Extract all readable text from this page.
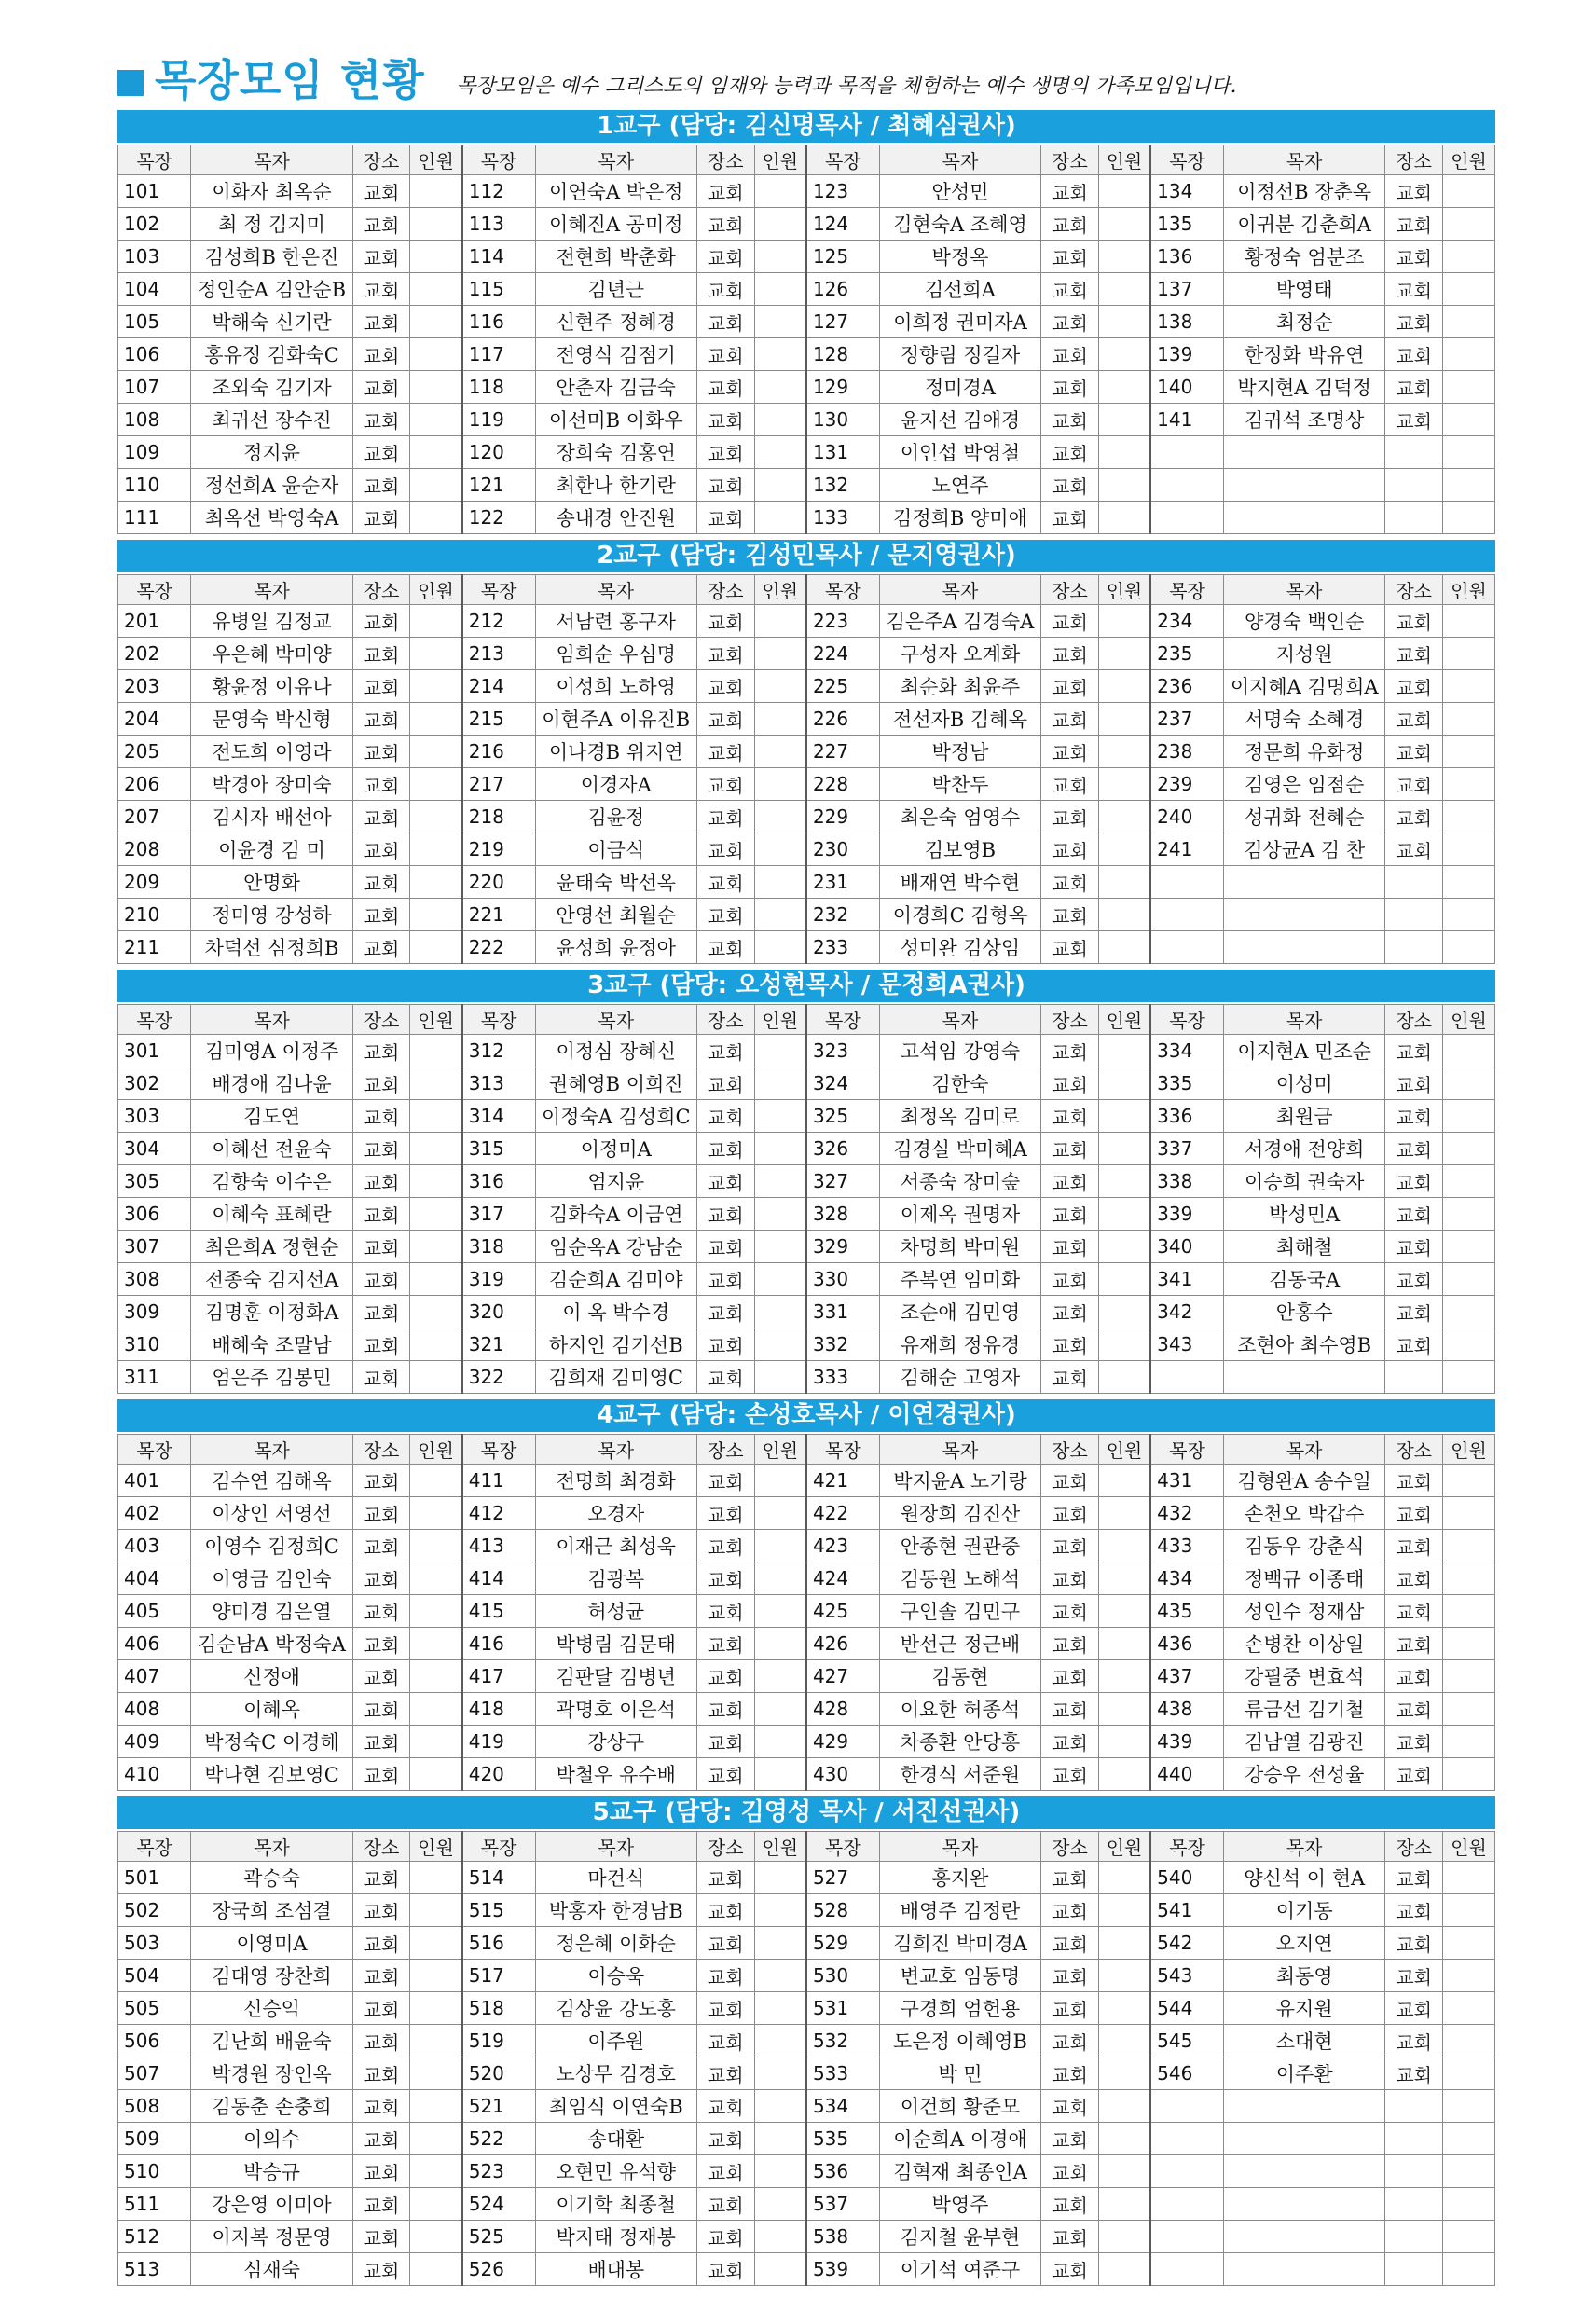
목장모임 현황 목장모임은 예수 그리스도의 임재와 능력과 목적을 체험하는 예수 생명의 가족모임입니다.
1교구 (담당: 김신명목사 / 최혜심권사)
목장	목자	장소	인원	목장	목자	장소	인원	목장	목자	장소	인원	목장	목자	장소	인원
101	이화자 최옥순	교회		112	이연숙A 박은정	교회		123	안성민	교회		134	이정선B 장춘옥	교회	
102	최 정 김지미	교회		113	이혜진A 공미정	교회		124	김현숙A 조혜영	교회		135	이귀분 김춘희A	교회	
103	김성희B 한은진	교회		114	전현희 박춘화	교회		125	박정옥	교회		136	황정숙 엄분조	교회	
104	정인순A 김안순B	교회		115	김년근	교회		126	김선희A	교회		137	박영태	교회	
105	박해숙 신기란	교회		116	신현주 정혜경	교회		127	이희정 권미자A	교회		138	최정순	교회	
106	홍유정 김화숙C	교회		117	전영식 김점기	교회		128	정향림 정길자	교회		139	한정화 박유연	교회	
107	조외숙 김기자	교회		118	안춘자 김금숙	교회		129	정미경A	교회		140	박지현A 김덕정	교회	
108	최귀선 장수진	교회		119	이선미B 이화우	교회		130	윤지선 김애경	교회		141	김귀석 조명상	교회	
109	정지윤	교회		120	장희숙 김홍연	교회		131	이인섭 박영철	교회					
110	정선희A 윤순자	교회		121	최한나 한기란	교회		132	노연주	교회					
111	최옥선 박영숙A	교회		122	송내경 안진원	교회		133	김정희B 양미애	교회					
2교구 (담당: 김성민목사 / 문지영권사)
목장	목자	장소	인원	목장	목자	장소	인원	목장	목자	장소	인원	목장	목자	장소	인원
201	유병일 김정교	교회		212	서남련 홍구자	교회		223	김은주A 김경숙A	교회		234	양경숙 백인순	교회	
202	우은혜 박미양	교회		213	임희순 우심명	교회		224	구성자 오계화	교회		235	지성원	교회	
203	황윤정 이유나	교회		214	이성희 노하영	교회		225	최순화 최윤주	교회		236	이지혜A 김명희A	교회	
204	문영숙 박신형	교회		215	이현주A 이유진B	교회		226	전선자B 김혜옥	교회		237	서명숙 소혜경	교회	
205	전도희 이영라	교회		216	이나경B 위지연	교회		227	박정남	교회		238	정문희 유화정	교회	
206	박경아 장미숙	교회		217	이경자A	교회		228	박찬두	교회		239	김영은 임점순	교회	
207	김시자 배선아	교회		218	김윤정	교회		229	최은숙 엄영수	교회		240	성귀화 전혜순	교회	
208	이윤경 김 미	교회		219	이금식	교회		230	김보영B	교회		241	김상균A 김 찬	교회	
209	안명화	교회		220	윤태숙 박선옥	교회		231	배재연 박수현	교회					
210	정미영 강성하	교회		221	안영선 최월순	교회		232	이경희C 김형옥	교회					
211	차덕선 심정희B	교회		222	윤성희 윤정아	교회		233	성미완 김상임	교회					
3교구 (담당: 오성현목사 / 문정희A권사)
목장	목자	장소	인원	목장	목자	장소	인원	목장	목자	장소	인원	목장	목자	장소	인원
301	김미영A 이정주	교회		312	이정심 장혜신	교회		323	고석임 강영숙	교회		334	이지현A 민조순	교회	
302	배경애 김나윤	교회		313	권혜영B 이희진	교회		324	김한숙	교회		335	이성미	교회	
303	김도연	교회		314	이정숙A 김성희C	교회		325	최정옥 김미로	교회		336	최원금	교회	
304	이혜선 전윤숙	교회		315	이정미A	교회		326	김경실 박미혜A	교회		337	서경애 전양희	교회	
305	김향숙 이수은	교회		316	엄지윤	교회		327	서종숙 장미숲	교회		338	이승희 권숙자	교회	
306	이혜숙 표혜란	교회		317	김화숙A 이금연	교회		328	이제옥 권명자	교회		339	박성민A	교회	
307	최은희A 정현순	교회		318	임순옥A 강남순	교회		329	차명희 박미원	교회		340	최해철	교회	
308	전종숙 김지선A	교회		319	김순희A 김미야	교회		330	주복연 임미화	교회		341	김동국A	교회	
309	김명훈 이정화A	교회		320	이 옥 박수경	교회		331	조순애 김민영	교회		342	안홍수	교회	
310	배혜숙 조말남	교회		321	하지인 김기선B	교회		332	유재희 정유경	교회		343	조현아 최수영B	교회	
311	엄은주 김봉민	교회		322	김희재 김미영C	교회		333	김해순 고영자	교회					
4교구 (담당: 손성호목사 / 이연경권사)
목장	목자	장소	인원	목장	목자	장소	인원	목장	목자	장소	인원	목장	목자	장소	인원
401	김수연 김해옥	교회		411	전명희 최경화	교회		421	박지윤A 노기랑	교회		431	김형완A 송수일	교회	
402	이상인 서영선	교회		412	오경자	교회		422	원장희 김진산	교회		432	손천오 박갑수	교회	
403	이영수 김정희C	교회		413	이재근 최성욱	교회		423	안종현 권관중	교회		433	김동우 강춘식	교회	
404	이영금 김인숙	교회		414	김광복	교회		424	김동원 노해석	교회		434	정백규 이종태	교회	
405	양미경 김은열	교회		415	허성균	교회		425	구인솔 김민구	교회		435	성인수 정재삼	교회	
406	김순남A 박정숙A	교회		416	박병림 김문태	교회		426	반선근 정근배	교회		436	손병찬 이상일	교회	
407	신정애	교회		417	김판달 김병년	교회		427	김동현	교회		437	강필중 변효석	교회	
408	이혜옥	교회		418	곽명호 이은석	교회		428	이요한 허종석	교회		438	류금선 김기철	교회	
409	박정숙C 이경해	교회		419	강상구	교회		429	차종환 안당홍	교회		439	김남열 김광진	교회	
410	박나현 김보영C	교회		420	박철우 유수배	교회		430	한경식 서준원	교회		440	강승우 전성율	교회	
5교구 (담당: 김영성 목사 / 서진선권사)
목장	목자	장소	인원	목장	목자	장소	인원	목장	목자	장소	인원	목장	목자	장소	인원
501	곽승숙	교회		514	마건식	교회		527	홍지완	교회		540	양신석 이 현A	교회	
502	장국희 조섬결	교회		515	박홍자 한경남B	교회		528	배영주 김정란	교회		541	이기동	교회	
503	이영미A	교회		516	정은혜 이화순	교회		529	김희진 박미경A	교회		542	오지연	교회	
504	김대영 장찬희	교회		517	이승욱	교회		530	변교호 임동명	교회		543	최동영	교회	
505	신승익	교회		518	김상윤 강도홍	교회		531	구경희 엄헌용	교회		544	유지원	교회	
506	김난희 배윤숙	교회		519	이주원	교회		532	도은정 이혜영B	교회		545	소대현	교회	
507	박경원 장인옥	교회		520	노상무 김경호	교회		533	박 민	교회		546	이주환	교회	
508	김동춘 손충희	교회		521	최임식 이연숙B	교회		534	이건희 황준모	교회					
509	이의수	교회		522	송대환	교회		535	이순희A 이경애	교회					
510	박승규	교회		523	오현민 유석향	교회		536	김혁재 최종인A	교회					
511	강은영 이미아	교회		524	이기학 최종철	교회		537	박영주	교회					
512	이지복 정문영	교회		525	박지태 정재봉	교회		538	김지철 윤부현	교회					
513	심재숙	교회		526	배대봉	교회		539	이기석 여준구	교회					
